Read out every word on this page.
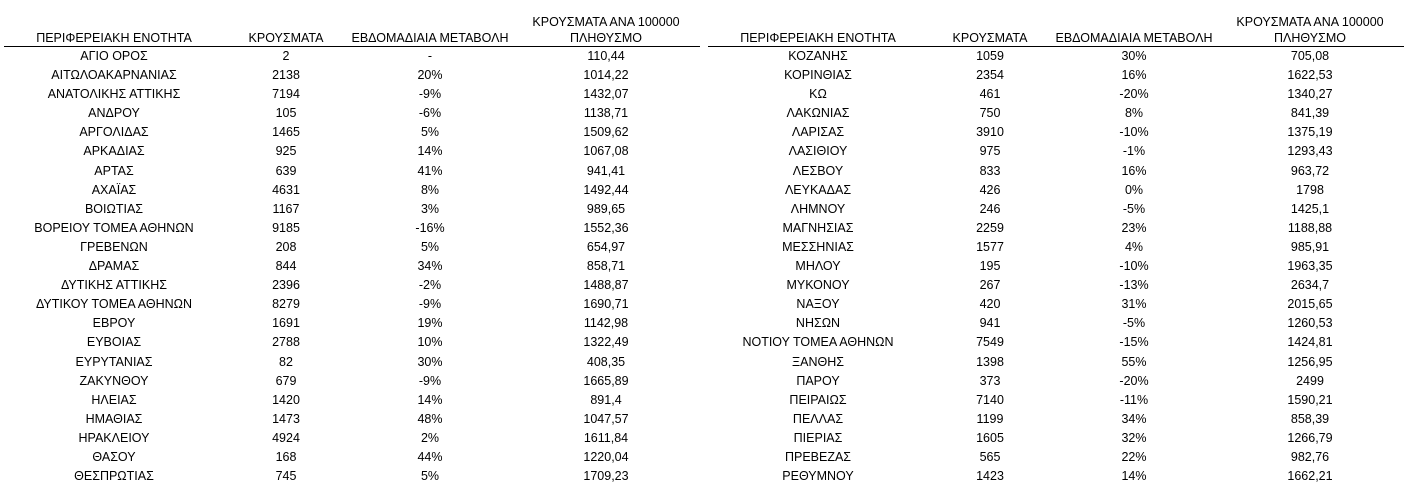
ΠΕΡΙΦΕΡΕΙΑΚΗ ΕΝΟΤΗΤΑ	ΚΡΟΥΣΜΑΤΑ	ΕΒΔΟΜΑΔΙΑΙΑ ΜΕΤΑΒΟΛΗ	ΚΡΟΥΣΜΑΤΑ ΑΝΑ 100000 ΠΛΗΘΥΣΜΟ
ΑΓΙΟ ΟΡΟΣ	2	-	110,44
ΑΙΤΩΛΟΑΚΑΡΝΑΝΙΑΣ	2138	20%	1014,22
ΑΝΑΤΟΛΙΚΗΣ ΑΤΤΙΚΗΣ	7194	-9%	1432,07
ΑΝΔΡΟΥ	105	-6%	1138,71
ΑΡΓΟΛΙΔΑΣ	1465	5%	1509,62
ΑΡΚΑΔΙΑΣ	925	14%	1067,08
ΑΡΤΑΣ	639	41%	941,41
ΑΧΑΪΑΣ	4631	8%	1492,44
ΒΟΙΩΤΙΑΣ	1167	3%	989,65
ΒΟΡΕΙΟΥ ΤΟΜΕΑ ΑΘΗΝΩΝ	9185	-16%	1552,36
ΓΡΕΒΕΝΩΝ	208	5%	654,97
ΔΡΑΜΑΣ	844	34%	858,71
ΔΥΤΙΚΗΣ ΑΤΤΙΚΗΣ	2396	-2%	1488,87
ΔΥΤΙΚΟΥ ΤΟΜΕΑ ΑΘΗΝΩΝ	8279	-9%	1690,71
ΕΒΡΟΥ	1691	19%	1142,98
ΕΥΒΟΙΑΣ	2788	10%	1322,49
ΕΥΡΥΤΑΝΙΑΣ	82	30%	408,35
ΖΑΚΥΝΘΟΥ	679	-9%	1665,89
ΗΛΕΙΑΣ	1420	14%	891,4
ΗΜΑΘΙΑΣ	1473	48%	1047,57
ΗΡΑΚΛΕΙΟΥ	4924	2%	1611,84
ΘΑΣΟΥ	168	44%	1220,04
ΘΕΣΠΡΩΤΙΑΣ	745	5%	1709,23
ΠΕΡΙΦΕΡΕΙΑΚΗ ΕΝΟΤΗΤΑ	ΚΡΟΥΣΜΑΤΑ	ΕΒΔΟΜΑΔΙΑΙΑ ΜΕΤΑΒΟΛΗ	ΚΡΟΥΣΜΑΤΑ ΑΝΑ 100000 ΠΛΗΘΥΣΜΟ
ΚΟΖΑΝΗΣ	1059	30%	705,08
ΚΟΡΙΝΘΙΑΣ	2354	16%	1622,53
ΚΩ	461	-20%	1340,27
ΛΑΚΩΝΙΑΣ	750	8%	841,39
ΛΑΡΙΣΑΣ	3910	-10%	1375,19
ΛΑΣΙΘΙΟΥ	975	-1%	1293,43
ΛΕΣΒΟΥ	833	16%	963,72
ΛΕΥΚΑΔΑΣ	426	0%	1798
ΛΗΜΝΟΥ	246	-5%	1425,1
ΜΑΓΝΗΣΙΑΣ	2259	23%	1188,88
ΜΕΣΣΗΝΙΑΣ	1577	4%	985,91
ΜΗΛΟΥ	195	-10%	1963,35
ΜΥΚΟΝΟΥ	267	-13%	2634,7
ΝΑΞΟΥ	420	31%	2015,65
ΝΗΣΩΝ	941	-5%	1260,53
ΝΟΤΙΟΥ ΤΟΜΕΑ ΑΘΗΝΩΝ	7549	-15%	1424,81
ΞΑΝΘΗΣ	1398	55%	1256,95
ΠΑΡΟΥ	373	-20%	2499
ΠΕΙΡΑΙΩΣ	7140	-11%	1590,21
ΠΕΛΛΑΣ	1199	34%	858,39
ΠΙΕΡΙΑΣ	1605	32%	1266,79
ΠΡΕΒΕΖΑΣ	565	22%	982,76
ΡΕΘΥΜΝΟΥ	1423	14%	1662,21
